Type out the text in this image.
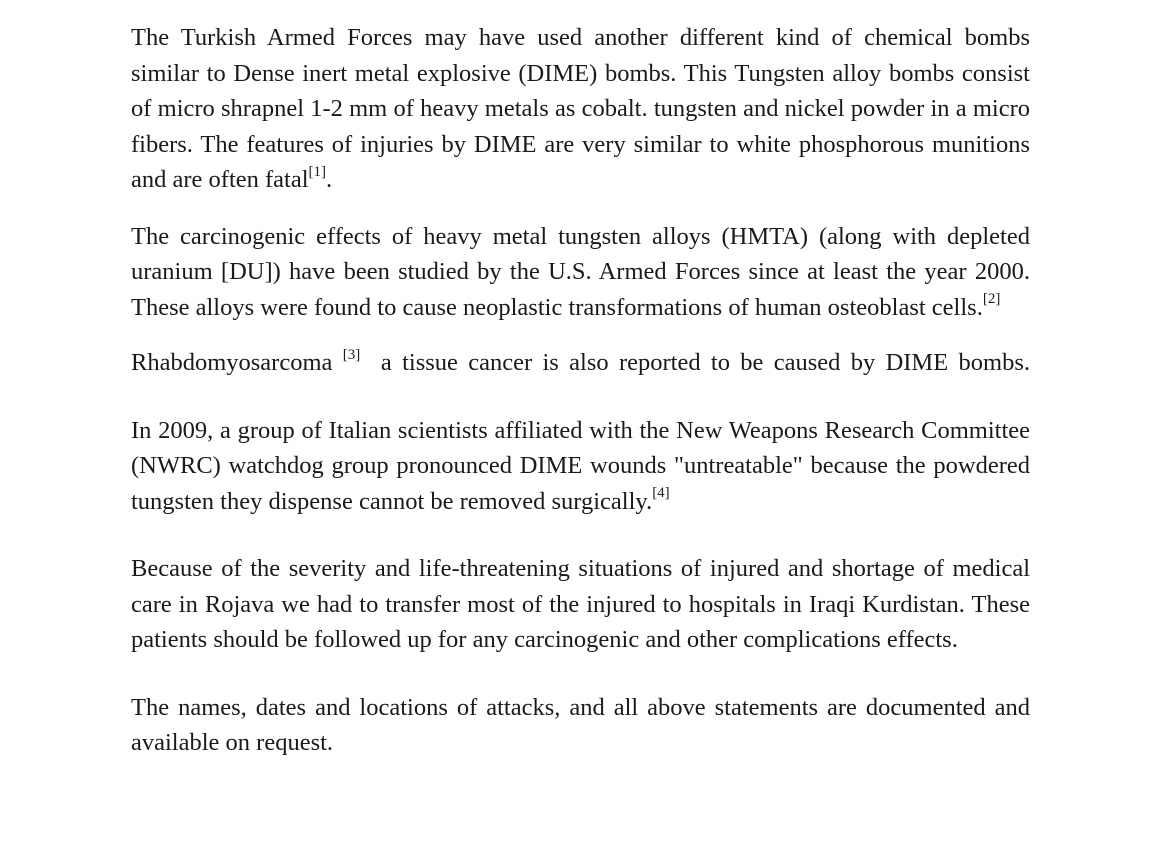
The Turkish Armed Forces may have used another different kind of chemical bombs similar to Dense inert metal explosive (DIME) bombs. This Tungsten alloy bombs consist of micro shrapnel 1-2 mm of heavy metals as cobalt. tungsten and nickel powder in a micro fibers. The features of injuries by DIME are very similar to white phosphorous munitions and are often fatal[1].

The carcinogenic effects of heavy metal tungsten alloys (HMTA) (along with depleted uranium [DU]) have been studied by the U.S. Armed Forces since at least the year 2000. These alloys were found to cause neoplastic transformations of human osteoblast cells.[2]

Rhabdomyosarcoma [3]  a tissue cancer is also reported to be caused by DIME bombs.

In 2009, a group of Italian scientists affiliated with the New Weapons Research Committee (NWRC) watchdog group pronounced DIME wounds "untreatable" because the powdered tungsten they dispense cannot be removed surgically.[4]

Because of the severity and life-threatening situations of injured and shortage of medical care in Rojava we had to transfer most of the injured to hospitals in Iraqi Kurdistan. These patients should be followed up for any carcinogenic and other complications effects.

The names, dates and locations of attacks, and all above statements are documented and available on request.
